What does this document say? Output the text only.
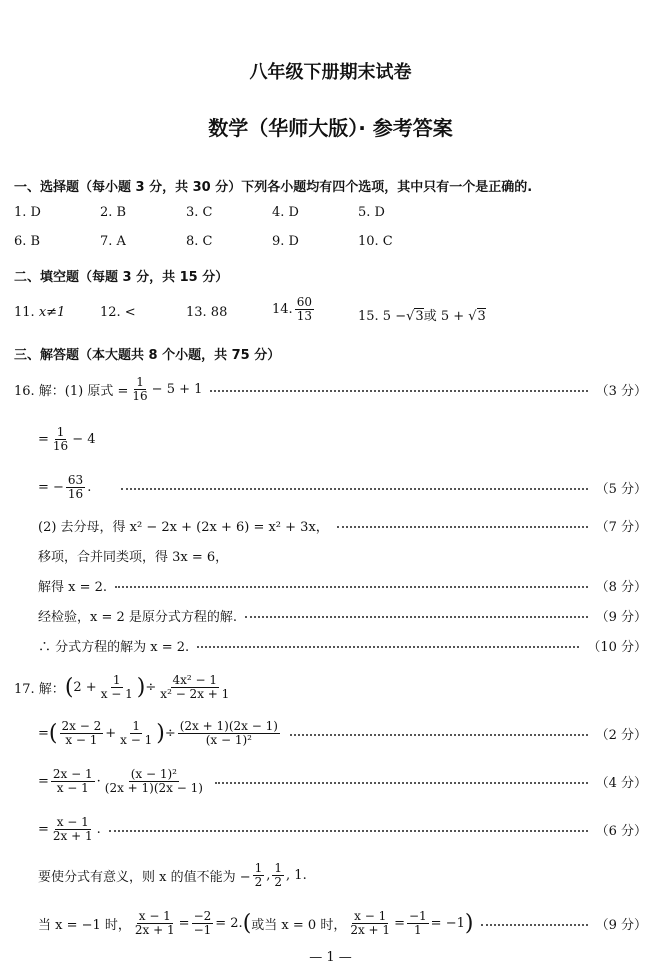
八年级下册期末试卷
数学（华师大版）· 参考答案
一、选择题（每小题 3 分，共 30 分）下列各小题均有四个选项，其中只有一个是正确的.
1. D	2. B	3. C	4. D	5. D
6. B	7. A	8. C	9. D	10. C
二、填空题（每题 3 分，共 15 分）
11. x≠1	12. <	13. 88	14. $\frac{60}{13}$	15. 5 −√3或 5 + √3
三、解答题（本大题共 8 个小题，共 75 分）
16. 解：(1) 原式 = $\frac{1}{16} - 5 + 1$	（3 分）
= $\frac{1}{16} - 4$
= − $\frac{63}{16}$ .	（5 分）
(2) 去分母，得 x² − 2x + (2x + 6) = x² + 3x，	（7 分）
移项，合并同类项，得 3x = 6，
解得 x = 2.	（8 分）
经检验，x = 2 是原分式方程的解.	（9 分）
∴ 分式方程的解为 x = 2.	（10 分）
17. 解： ( $2 + \frac{1}{x - 1}$ ) ÷ $\frac{\text{4x² − 1}}{\text{x² − 2x + 1}}$
= ( $\frac{2x - 2}{x - 1} + \frac{1}{x - 1}$ ) ÷ $\frac{(2x + 1)(2x - 1)}{\text{(x − 1)²}}$	（2 分）
= $\frac{2x - 1}{x - 1} \cdot \frac{\text{(x − 1)²}}{(2x + 1)(2x - 1)}$	（4 分）
= $\frac{x - 1}{2x + 1}$ .	（6 分）
要使分式有意义，则 x 的值不能为 − $\frac{1}{2}$ , $\frac{1}{2}$ , 1.
当 x = −1 时， $\frac{x - 1}{2x + 1} = \frac{-2}{-1} = 2$. ( 或当 x = 0 时， $\frac{x - 1}{2x + 1} = \frac{-1}{1} = -1$ )	（9 分）
— 1 —
